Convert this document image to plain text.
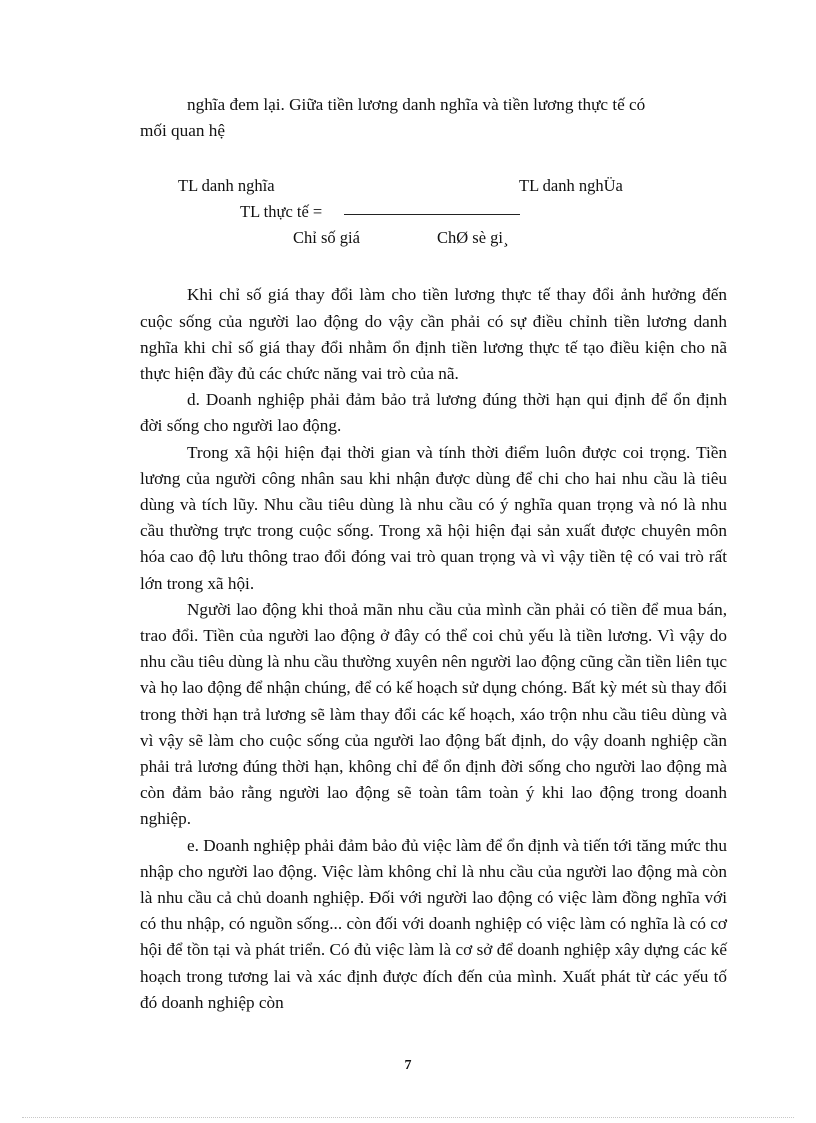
nghĩa đem lại. Giữa tiền lương danh nghĩa và tiền lương thực tế có

mối quan hệ

TL danh nghĩa	TL danh nghÜa
TL thực tế =
Chỉ số giá	ChØ sè gi¸

Khi chỉ số giá thay đổi làm cho tiền lương thực tế thay đổi ảnh hưởng đến cuộc sống của người lao động do vậy cần phải có sự điều chỉnh tiền lương danh nghĩa khi chỉ số giá thay đổi nhằm ổn định tiền lương thực tế tạo điều kiện cho nã thực hiện đầy đủ các chức năng vai trò của nã.

d. Doanh nghiệp phải đảm bảo trả lương đúng thời hạn qui định để ổn định đời sống cho người lao động.

Trong xã hội hiện đại thời gian và tính thời điểm luôn được coi trọng. Tiền lương của người công nhân sau khi nhận được dùng để chi cho hai nhu cầu là tiêu dùng và tích lũy. Nhu cầu tiêu dùng là nhu cầu có ý nghĩa quan trọng và nó là nhu cầu thường trực trong cuộc sống. Trong xã hội hiện đại sản xuất được chuyên môn hóa cao độ lưu thông trao đổi đóng vai trò quan trọng và vì vậy tiền tệ có vai trò rất lớn trong xã hội.

Người lao động khi thoả mãn nhu cầu của mình cần phải có tiền để mua bán, trao đổi. Tiền của người lao động ở đây có thể coi chủ yếu là tiền lương. Vì vậy do nhu cầu tiêu dùng là nhu cầu thường xuyên nên người lao động cũng cần tiền liên tục và họ lao động để nhận chúng, để có kế hoạch sử dụng chóng. Bất kỳ mét sù thay đổi trong thời hạn trả lương sẽ làm thay đổi các kế hoạch, xáo trộn nhu cầu tiêu dùng và vì vậy sẽ làm cho cuộc sống của người lao động bất định, do vậy doanh nghiệp cần phải trả lương đúng thời hạn, không chỉ để ổn định đời sống cho người lao động mà còn đảm bảo rằng người lao động sẽ toàn tâm toàn ý khi lao động trong doanh nghiệp.

e. Doanh nghiệp phải đảm bảo đủ việc làm để ổn định và tiến tới tăng mức thu nhập cho người lao động. Việc làm không chỉ là nhu cầu của người lao động mà còn là nhu cầu cả chủ doanh nghiệp. Đối với người lao động có việc làm đồng nghĩa với có thu nhập, có nguồn sống... còn đối với doanh nghiệp có việc làm có nghĩa là có cơ hội để tồn tại và phát triển. Có đủ việc làm là cơ sở để doanh nghiệp xây dựng các kế hoạch trong tương lai và xác định được đích đến của mình. Xuất phát từ các yếu tố đó doanh nghiệp còn

7
